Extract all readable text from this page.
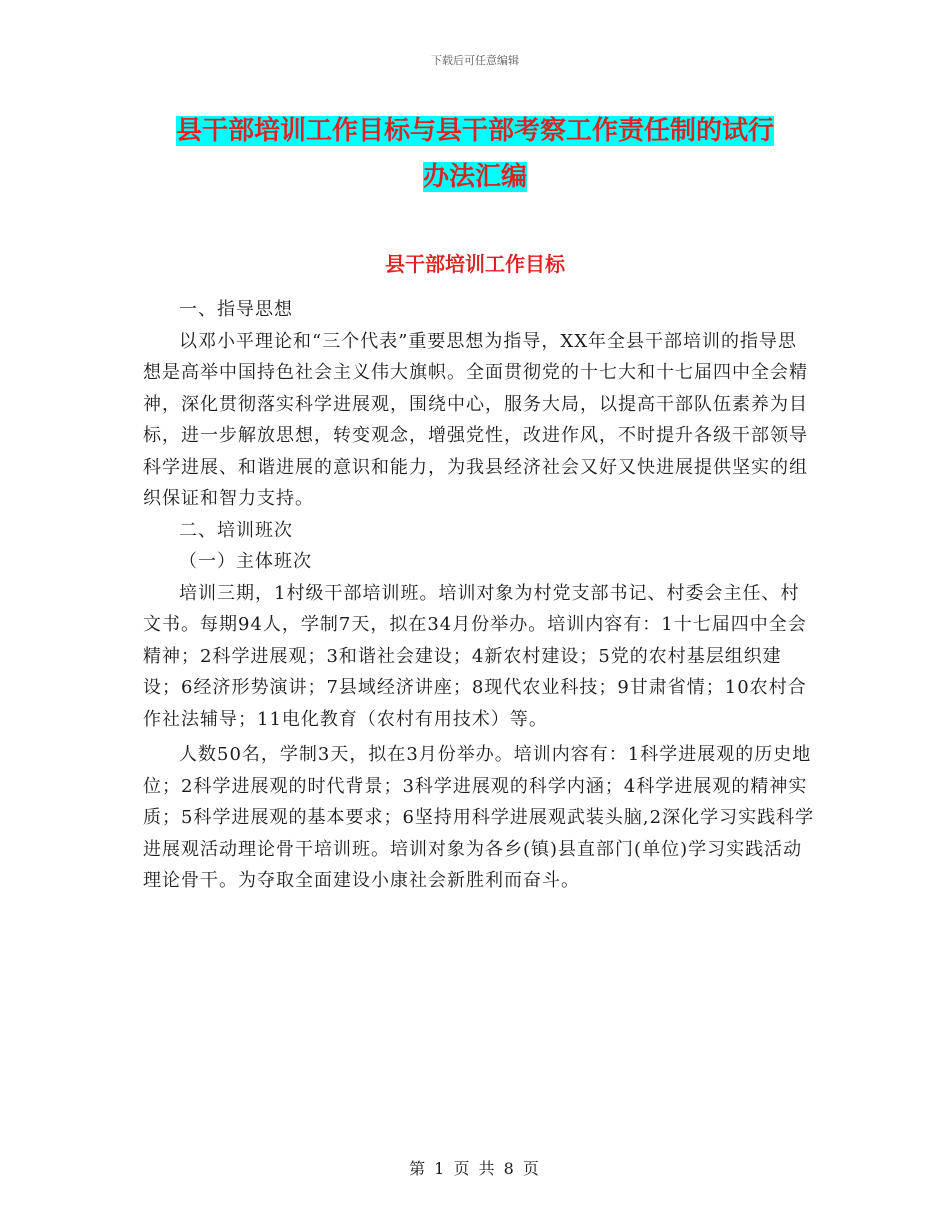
下载后可任意编辑
县干部培训工作目标与县干部考察工作责任制的试行
办法汇编
县干部培训工作目标

一、指导思想

以邓小平理论和“三个代表”重要思想为指导，XX年全县干部培训的指导思想是高举中国持色社会主义伟大旗帜。全面贯彻党的十七大和十七届四中全会精神，深化贯彻落实科学进展观，围绕中心，服务大局，以提高干部队伍素养为目标，进一步解放思想，转变观念，增强党性，改进作风，不时提升各级干部领导科学进展、和谐进展的意识和能力，为我县经济社会又好又快进展提供坚实的组织保证和智力支持。

二、培训班次

（一）主体班次

培训三期，1村级干部培训班。培训对象为村党支部书记、村委会主任、村文书。每期94人，学制7天，拟在34月份举办。培训内容有：1十七届四中全会精神；2科学进展观；3和谐社会建设；4新农村建设；5党的农村基层组织建设；6经济形势演讲；7县域经济讲座；8现代农业科技；9甘肃省情；10农村合作社法辅导；11电化教育（农村有用技术）等。

人数50名，学制3天，拟在3月份举办。培训内容有：1科学进展观的历史地位；2科学进展观的时代背景；3科学进展观的科学内涵；4科学进展观的精神实质；5科学进展观的基本要求；6坚持用科学进展观武装头脑,2深化学习实践科学进展观活动理论骨干培训班。培训对象为各乡(镇)县直部门(单位)学习实践活动理论骨干。为夺取全面建设小康社会新胜利而奋斗。

第 1 页 共 8 页
